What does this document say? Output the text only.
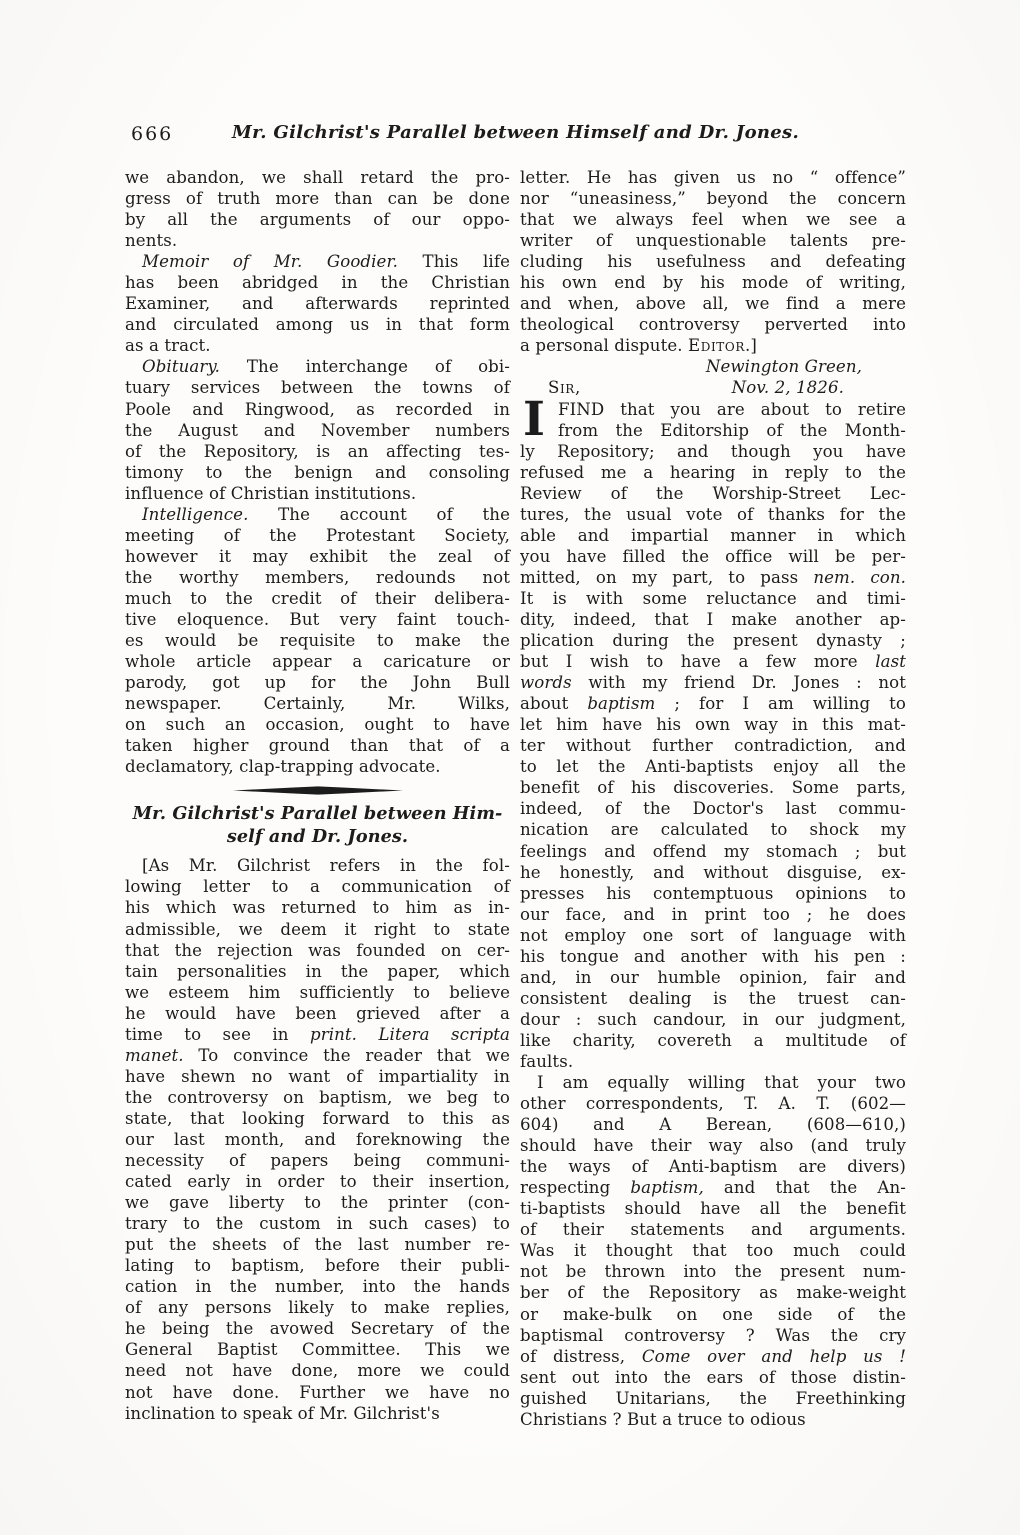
666	Mr. Gilchrist's Parallel between Himself and Dr. Jones.
we abandon, we shall retard the pro-
gress of truth more than can be done
by all the arguments of our oppo-
nents.
Memoir of Mr. Goodier. This life
has been abridged in the Christian
Examiner, and afterwards reprinted
and circulated among us in that form
as a tract.
Obituary. The interchange of obi-
tuary services between the towns of
Poole and Ringwood, as recorded in
the August and November numbers
of the Repository, is an affecting tes-
timony to the benign and consoling
influence of Christian institutions.
Intelligence. The account of the
meeting of the Protestant Society,
however it may exhibit the zeal of
the worthy members, redounds not
much to the credit of their delibera-
tive eloquence. But very faint touch-
es would be requisite to make the
whole article appear a caricature or
parody, got up for the John Bull
newspaper. Certainly, Mr. Wilks,
on such an occasion, ought to have
taken higher ground than that of a
declamatory, clap-trapping advocate.
Mr. Gilchrist's Parallel between Him-
self and Dr. Jones.
[As Mr. Gilchrist refers in the fol-
lowing letter to a communication of
his which was returned to him as in-
admissible, we deem it right to state
that the rejection was founded on cer-
tain personalities in the paper, which
we esteem him sufficiently to believe
he would have been grieved after a
time to see in print. Litera scripta
manet. To convince the reader that we
have shewn no want of impartiality in
the controversy on baptism, we beg to
state, that looking forward to this as
our last month, and foreknowing the
necessity of papers being communi-
cated early in order to their insertion,
we gave liberty to the printer (con-
trary to the custom in such cases) to
put the sheets of the last number re-
lating to baptism, before their publi-
cation in the number, into the hands
of any persons likely to make replies,
he being the avowed Secretary of the
General Baptist Committee. This we
need not have done, more we could
not have done. Further we have no
inclination to speak of Mr. Gilchrist's
letter. He has given us no “ offence”
nor “uneasiness,” beyond the concern
that we always feel when we see a
writer of unquestionable talents pre-
cluding his usefulness and defeating
his own end by his mode of writing,
and when, above all, we find a mere
theological controversy perverted into
a personal dispute. Editor.]
Newington Green,
Sir,	Nov. 2, 1826.
I FIND that you are about to retire
from the Editorship of the Month-
ly Repository; and though you have
refused me a hearing in reply to the
Review of the Worship-Street Lec-
tures, the usual vote of thanks for the
able and impartial manner in which
you have filled the office will be per-
mitted, on my part, to pass nem. con.
It is with some reluctance and timi-
dity, indeed, that I make another ap-
plication during the present dynasty ;
but I wish to have a few more last
words with my friend Dr. Jones : not
about baptism ; for I am willing to
let him have his own way in this mat-
ter without further contradiction, and
to let the Anti-baptists enjoy all the
benefit of his discoveries. Some parts,
indeed, of the Doctor's last commu-
nication are calculated to shock my
feelings and offend my stomach ; but
he honestly, and without disguise, ex-
presses his contemptuous opinions to
our face, and in print too ; he does
not employ one sort of language with
his tongue and another with his pen :
and, in our humble opinion, fair and
consistent dealing is the truest can-
dour : such candour, in our judgment,
like charity, covereth a multitude of
faults.
I am equally willing that your two
other correspondents, T. A. T. (602—
604) and A Berean, (608—610,)
should have their way also (and truly
the ways of Anti-baptism are divers)
respecting baptism, and that the An-
ti-baptists should have all the benefit
of their statements and arguments.
Was it thought that too much could
not be thrown into the present num-
ber of the Repository as make-weight
or make-bulk on one side of the
baptismal controversy ? Was the cry
of distress, Come over and help us !
sent out into the ears of those distin-
guished Unitarians, the Freethinking
Christians ? But a truce to odious
